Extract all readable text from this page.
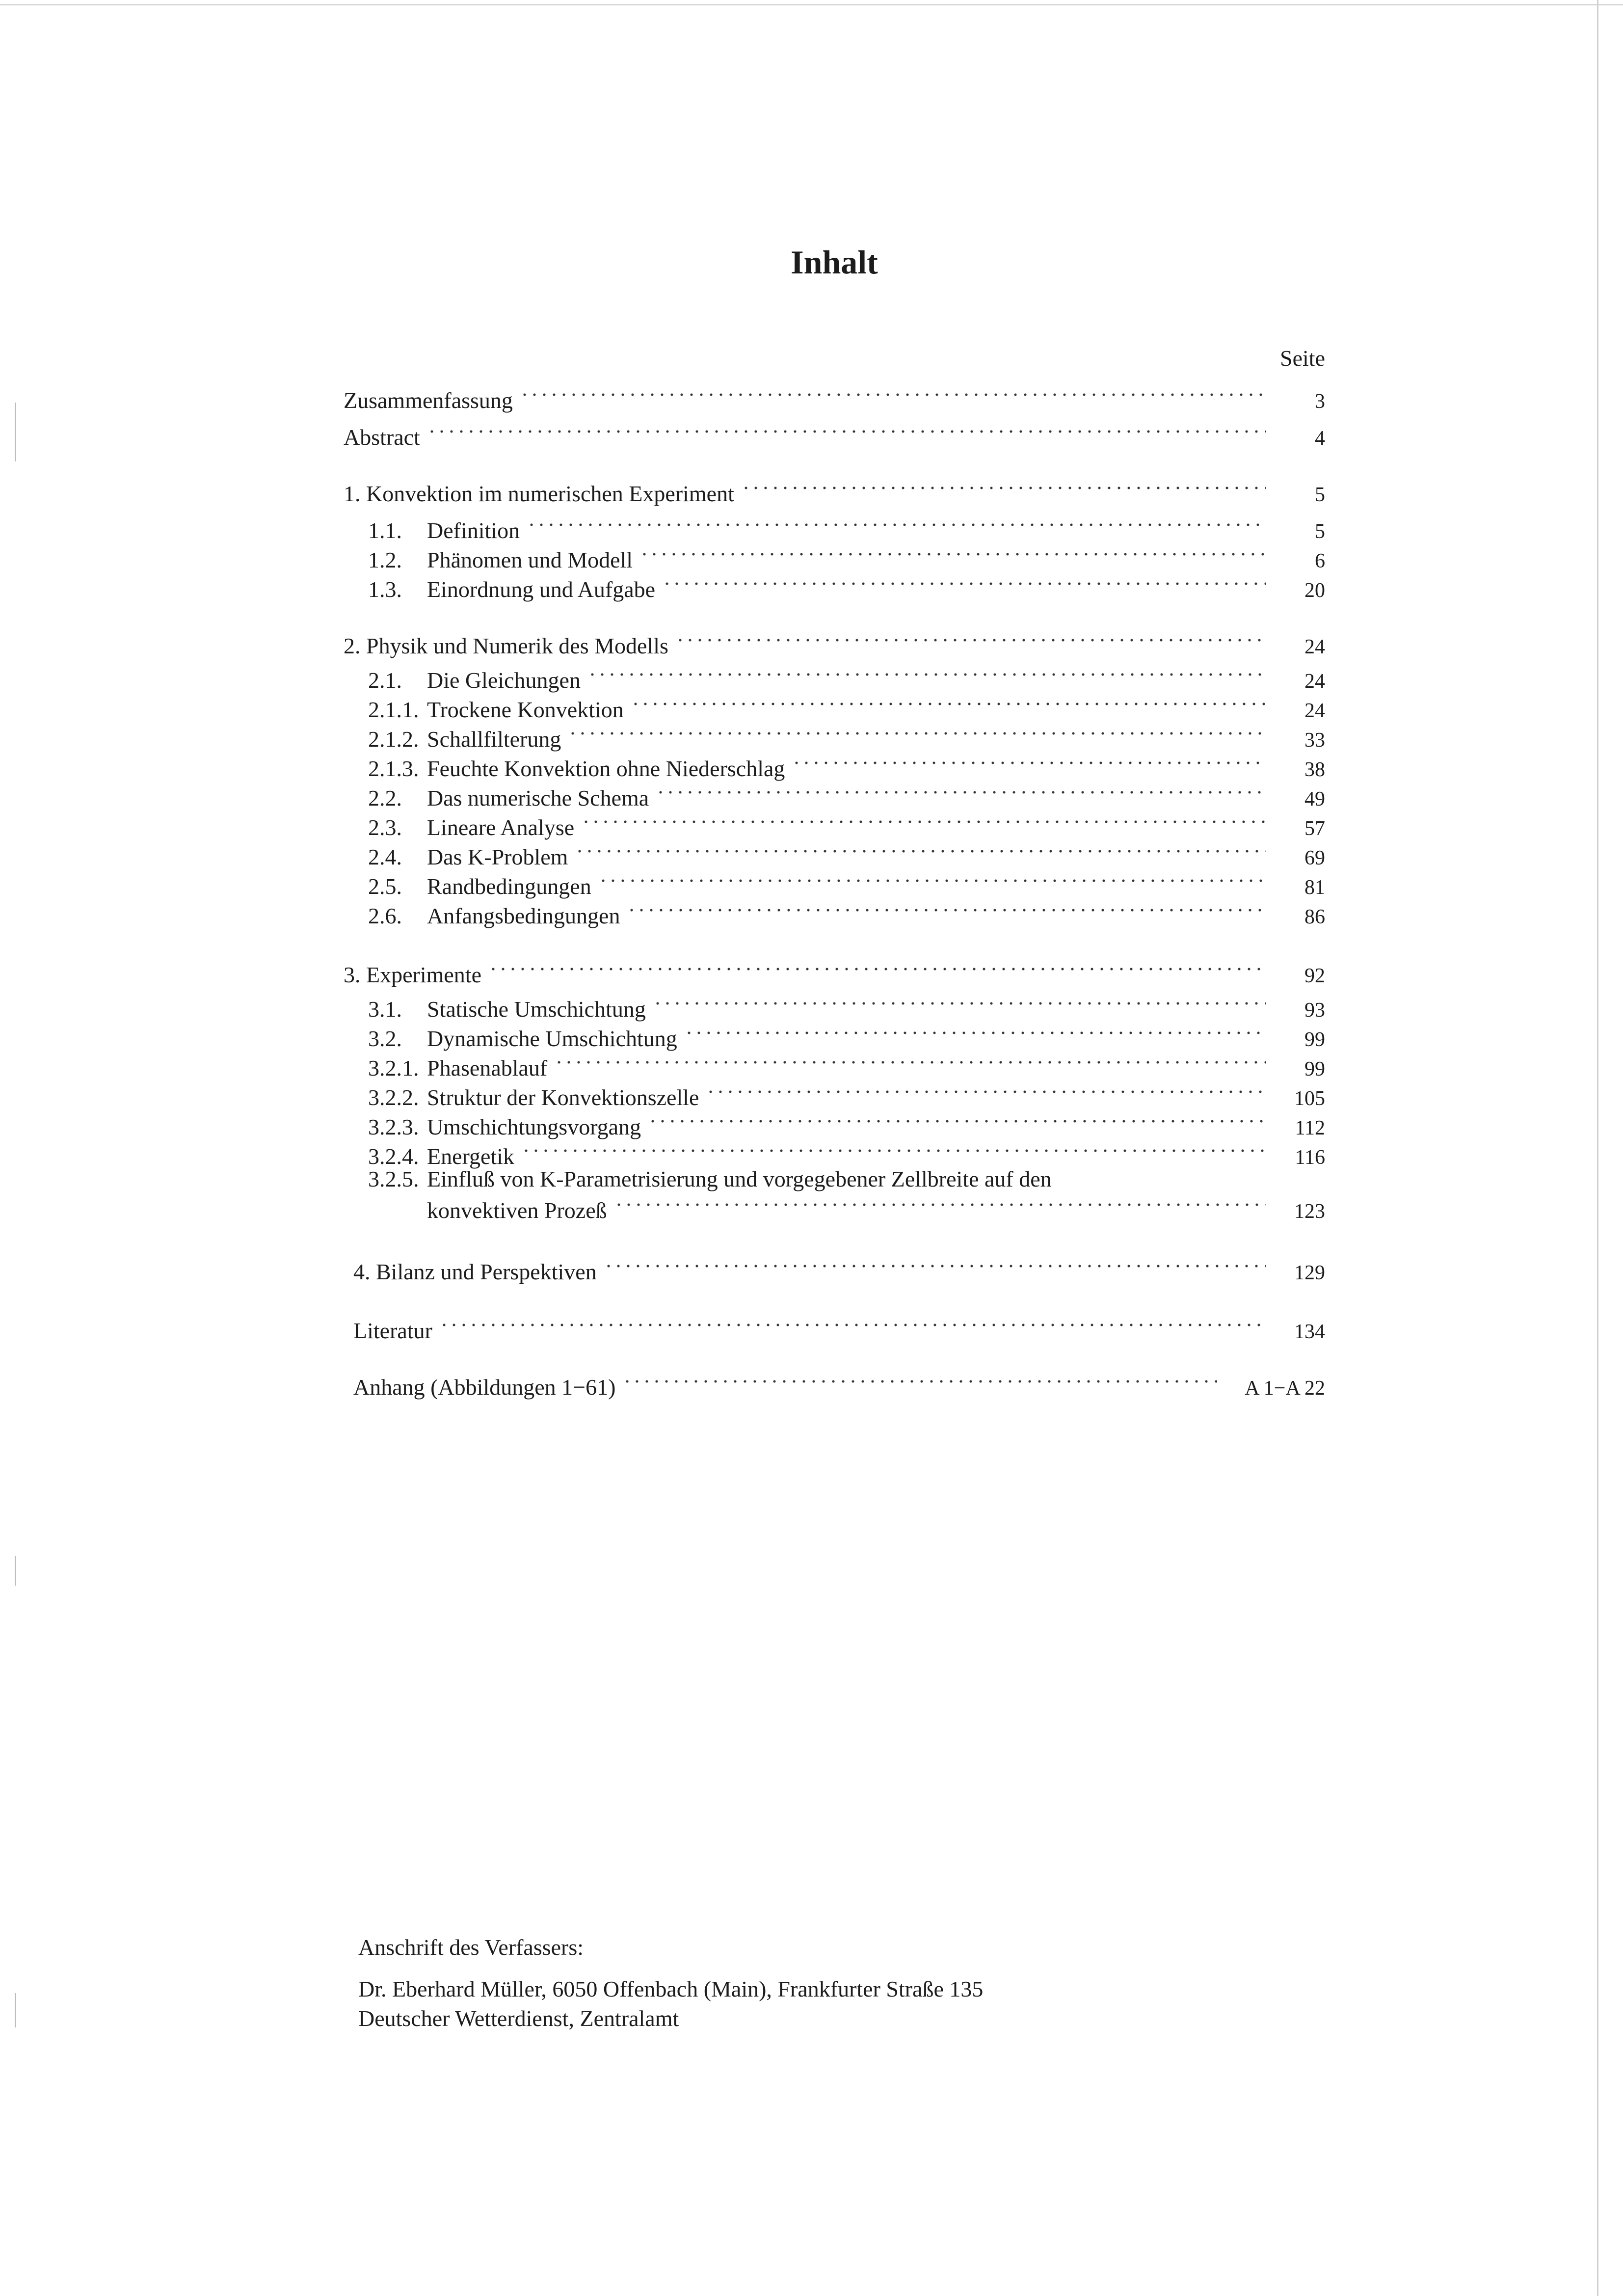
Inhalt
Seite
Zusammenfassung	3
Abstract	4
1. Konvektion im numerischen Experiment	5
1.1.	Definition	5
1.2.	Phänomen und Modell	6
1.3.	Einordnung und Aufgabe	20
2. Physik und Numerik des Modells	24
2.1.	Die Gleichungen	24
2.1.1. Trockene Konvektion	24
2.1.2. Schallfilterung	33
2.1.3. Feuchte Konvektion ohne Niederschlag	38
2.2.	Das numerische Schema	49
2.3.	Lineare Analyse	57
2.4.	Das K-Problem	69
2.5.	Randbedingungen	81
2.6.	Anfangsbedingungen	86
3. Experimente	92
3.1.	Statische Umschichtung	93
3.2.	Dynamische Umschichtung	99
3.2.1. Phasenablauf	99
3.2.2. Struktur der Konvektionszelle	105
3.2.3. Umschichtungsvorgang	112
3.2.4. Energetik	116
3.2.5. Einfluß von K-Parametrisierung und vorgegebener Zellbreite auf den
konvektiven Prozeß	123
4. Bilanz und Perspektiven	129
Literatur	134
Anhang (Abbildungen 1−61)	A 1−A 22
Anschrift des Verfassers:
Dr. Eberhard Müller, 6050 Offenbach (Main), Frankfurter Straße 135
Deutscher Wetterdienst, Zentralamt
